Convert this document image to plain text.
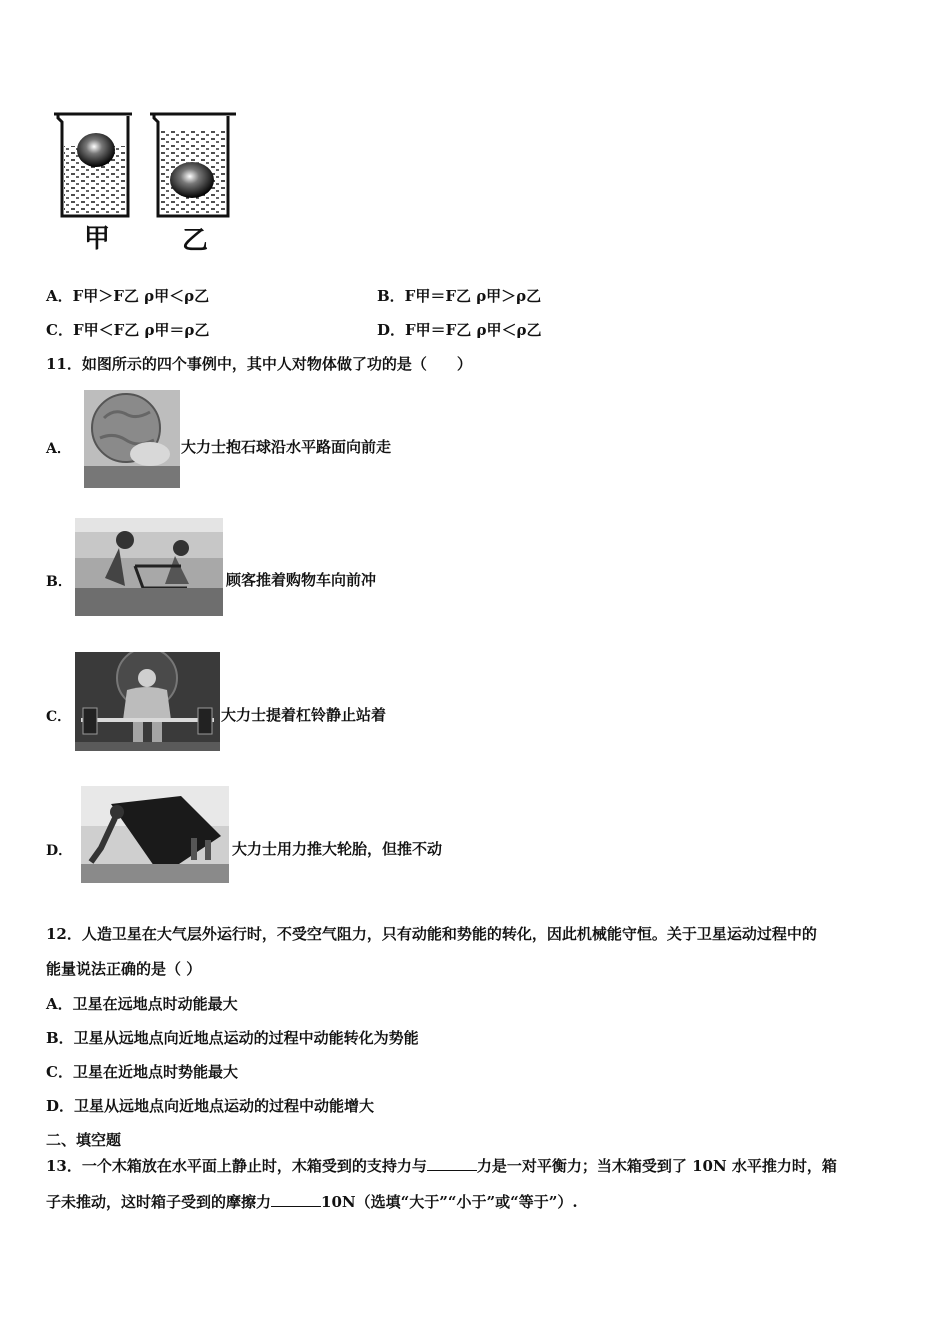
甲	乙
A．F甲＞F乙 ρ甲＜ρ乙	B．F甲＝F乙 ρ甲＞ρ乙
C．F甲＜F乙 ρ甲＝ρ乙	D．F甲＝F乙 ρ甲＜ρ乙
11．如图所示的四个事例中，其中人对物体做了功的是（　　）
A．	大力士抱石球沿水平路面向前走
B．	顾客推着购物车向前冲
C．	大力士提着杠铃静止站着
D．	大力士用力推大轮胎，但推不动
12．人造卫星在大气层外运行时，不受空气阻力，只有动能和势能的转化，因此机械能守恒。关于卫星运动过程中的
能量说法正确的是（ ）
A．卫星在远地点时动能最大
B．卫星从远地点向近地点运动的过程中动能转化为势能
C．卫星在近地点时势能最大
D．卫星从远地点向近地点运动的过程中动能增大
二、填空题
13．一个木箱放在水平面上静止时，木箱受到的支持力与	力是一对平衡力；当木箱受到了 10N 水平推力时，箱
子未推动，这时箱子受到的摩擦力	10N（选填“大于”“小于”或“等于”）.
